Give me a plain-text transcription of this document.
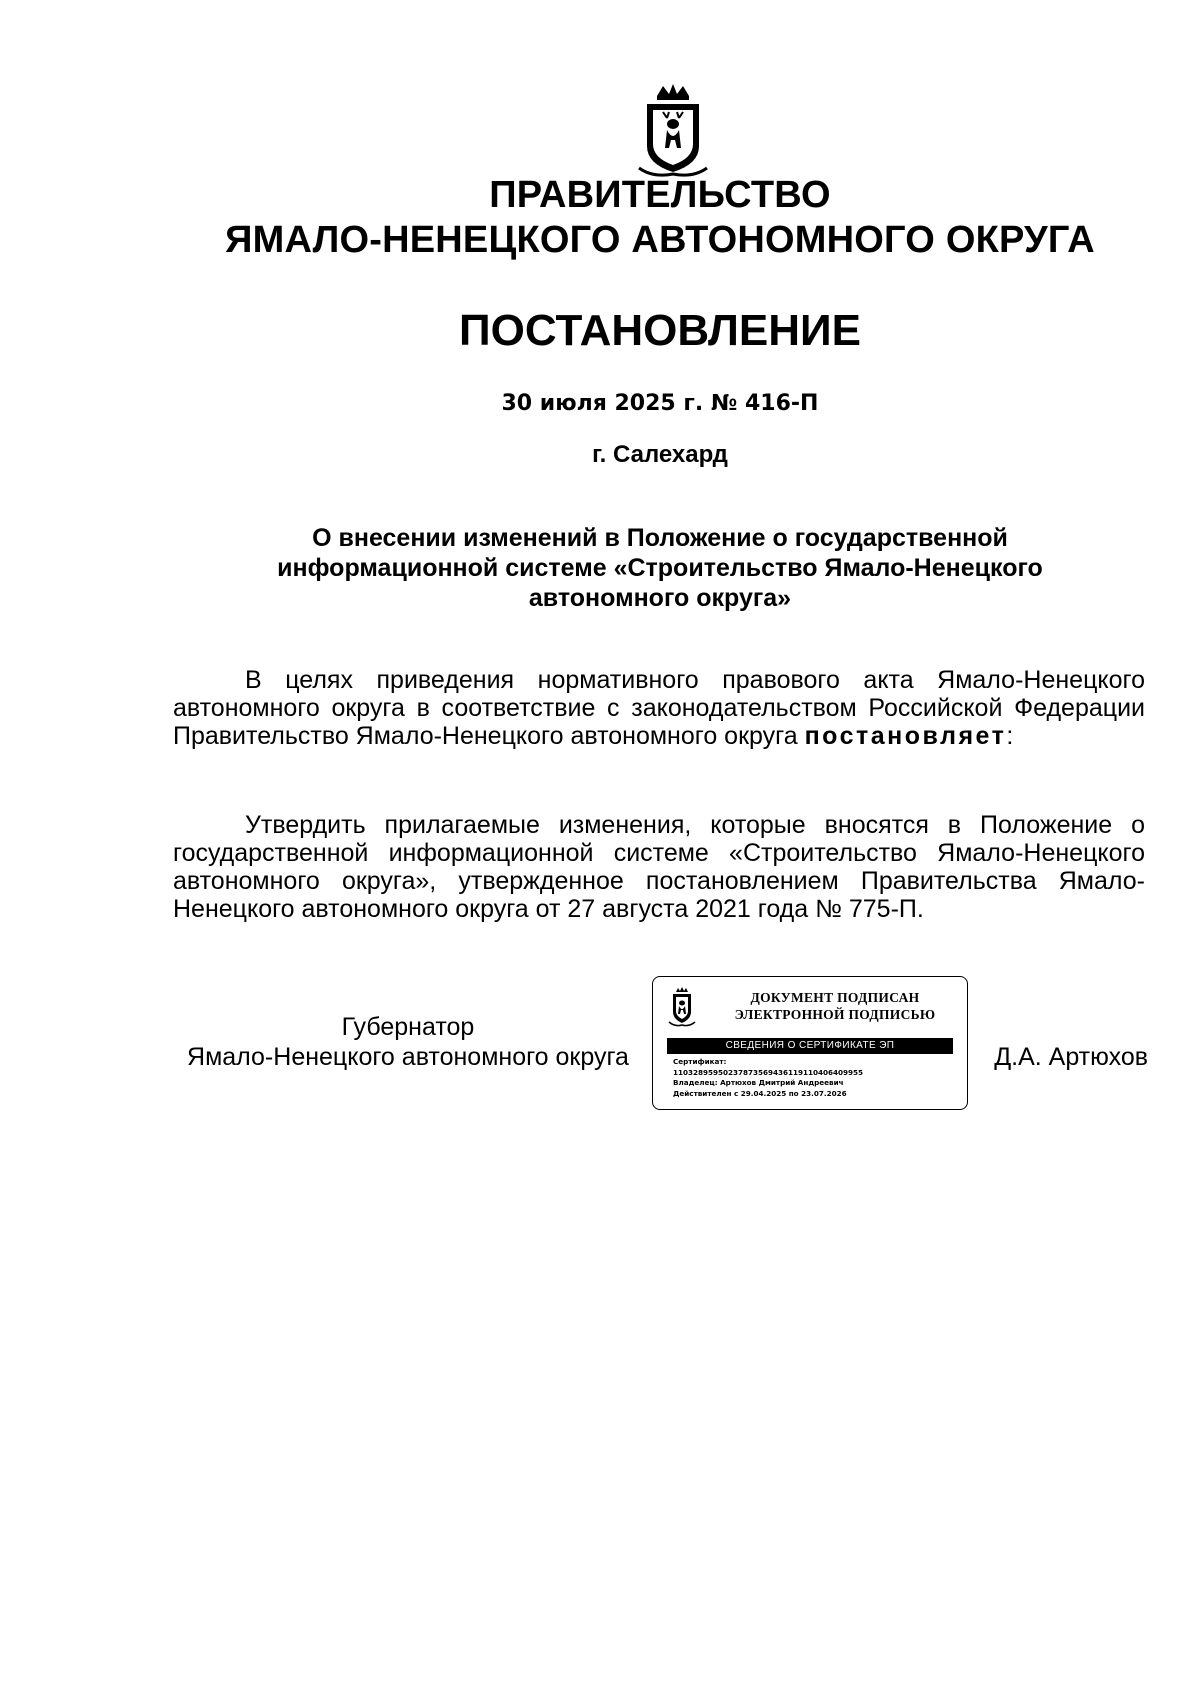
ПРАВИТЕЛЬСТВО
ЯМАЛО-НЕНЕЦКОГО АВТОНОМНОГО ОКРУГА
ПОСТАНОВЛЕНИЕ
30 июля 2025 г. № 416-П
г. Салехард
О внесении изменений в Положение о государственной
информационной системе «Строительство Ямало-Ненецкого
автономного округа»
В целях приведения нормативного правового акта Ямало-Ненецкого автономного округа в соответствие с законодательством Российской Федерации Правительство Ямало-Ненецкого автономного округа постановляет:
Утвердить прилагаемые изменения, которые вносятся в Положение о государственной информационной системе «Строительство Ямало-Ненецкого автономного округа», утвержденное постановлением Правительства Ямало-Ненецкого автономного округа от 27 августа 2021 года № 775-П.
Губернатор
Ямало-Ненецкого автономного округа
ДОКУМЕНТ ПОДПИСАН
ЭЛЕКТРОННОЙ ПОДПИСЬЮ
СВЕДЕНИЯ О СЕРТИФИКАТЕ ЭП
Сертификат:
11032895950237873569436119110406409955
Владелец: Артюхов Дмитрий Андреевич
Действителен с 29.04.2025 по 23.07.2026
Д.А. Артюхов
